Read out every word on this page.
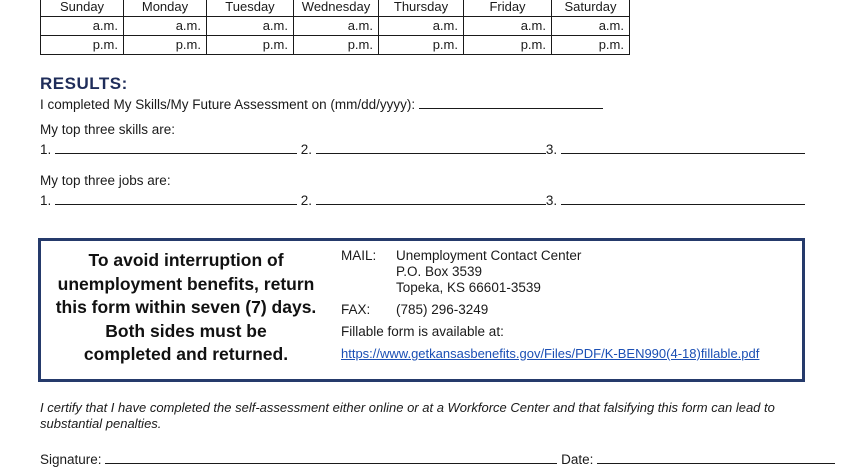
Sunday	Monday	Tuesday	Wednesday	Thursday	Friday	Saturday
a.m.	a.m.	a.m.	a.m.	a.m.	a.m.	a.m.
p.m.	p.m.	p.m.	p.m.	p.m.	p.m.	p.m.
RESULTS:
I completed My Skills/My Future Assessment on (mm/dd/yyyy):
My top three skills are:
1.	2.	3.
My top three jobs are:
1.	2.	3.
To avoid interruption of
unemployment benefits, return
this form within seven (7) days.
Both sides must be
completed and returned.
MAIL: Unemployment Contact Center
P.O. Box 3539
Topeka, KS 66601-3539
FAX: (785) 296-3249
Fillable form is available at:
https://www.getkansasbenefits.gov/Files/PDF/K-BEN990(4-18)fillable.pdf
I certify that I have completed the self-assessment either online or at a Workforce Center and that falsifying this form can lead to substantial penalties.
Signature:	Date:
